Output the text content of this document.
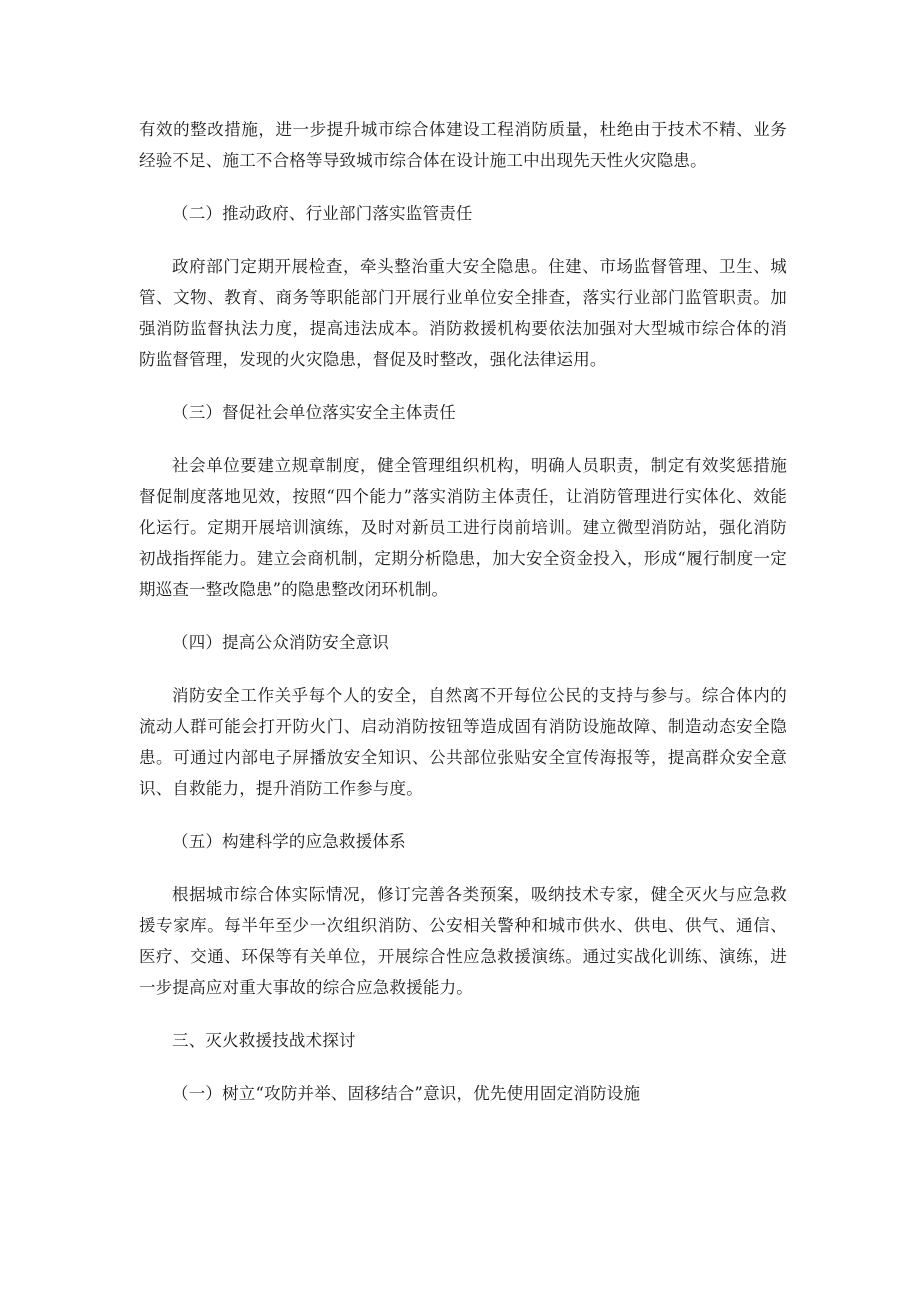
有效的整改措施，进一步提升城市综合体建设工程消防质量，杜绝由于技术不精、业务经验不足、施工不合格等导致城市综合体在设计施工中出现先天性火灾隐患。

（二）推动政府、行业部门落实监管责任

政府部门定期开展检查，牵头整治重大安全隐患。住建、市场监督管理、卫生、城管、文物、教育、商务等职能部门开展行业单位安全排查，落实行业部门监管职责。加强消防监督执法力度，提高违法成本。消防救援机构要依法加强对大型城市综合体的消防监督管理，发现的火灾隐患，督促及时整改，强化法律运用。

（三）督促社会单位落实安全主体责任

社会单位要建立规章制度，健全管理组织机构，明确人员职责，制定有效奖惩措施督促制度落地见效，按照“四个能力”落实消防主体责任，让消防管理进行实体化、效能化运行。定期开展培训演练，及时对新员工进行岗前培训。建立微型消防站，强化消防初战指挥能力。建立会商机制，定期分析隐患，加大安全资金投入，形成“履行制度一定期巡查一整改隐患”的隐患整改闭环机制。

（四）提高公众消防安全意识

消防安全工作关乎每个人的安全，自然离不开每位公民的支持与参与。综合体内的流动人群可能会打开防火门、启动消防按钮等造成固有消防设施故障、制造动态安全隐患。可通过内部电子屏播放安全知识、公共部位张贴安全宣传海报等，提高群众安全意识、自救能力，提升消防工作参与度。

（五）构建科学的应急救援体系

根据城市综合体实际情况，修订完善各类预案，吸纳技术专家，健全灭火与应急救援专家库。每半年至少一次组织消防、公安相关警种和城市供水、供电、供气、通信、医疗、交通、环保等有关单位，开展综合性应急救援演练。通过实战化训练、演练，进一步提高应对重大事故的综合应急救援能力。

三、灭火救援技战术探讨

（一）树立“攻防并举、固移结合”意识，优先使用固定消防设施
